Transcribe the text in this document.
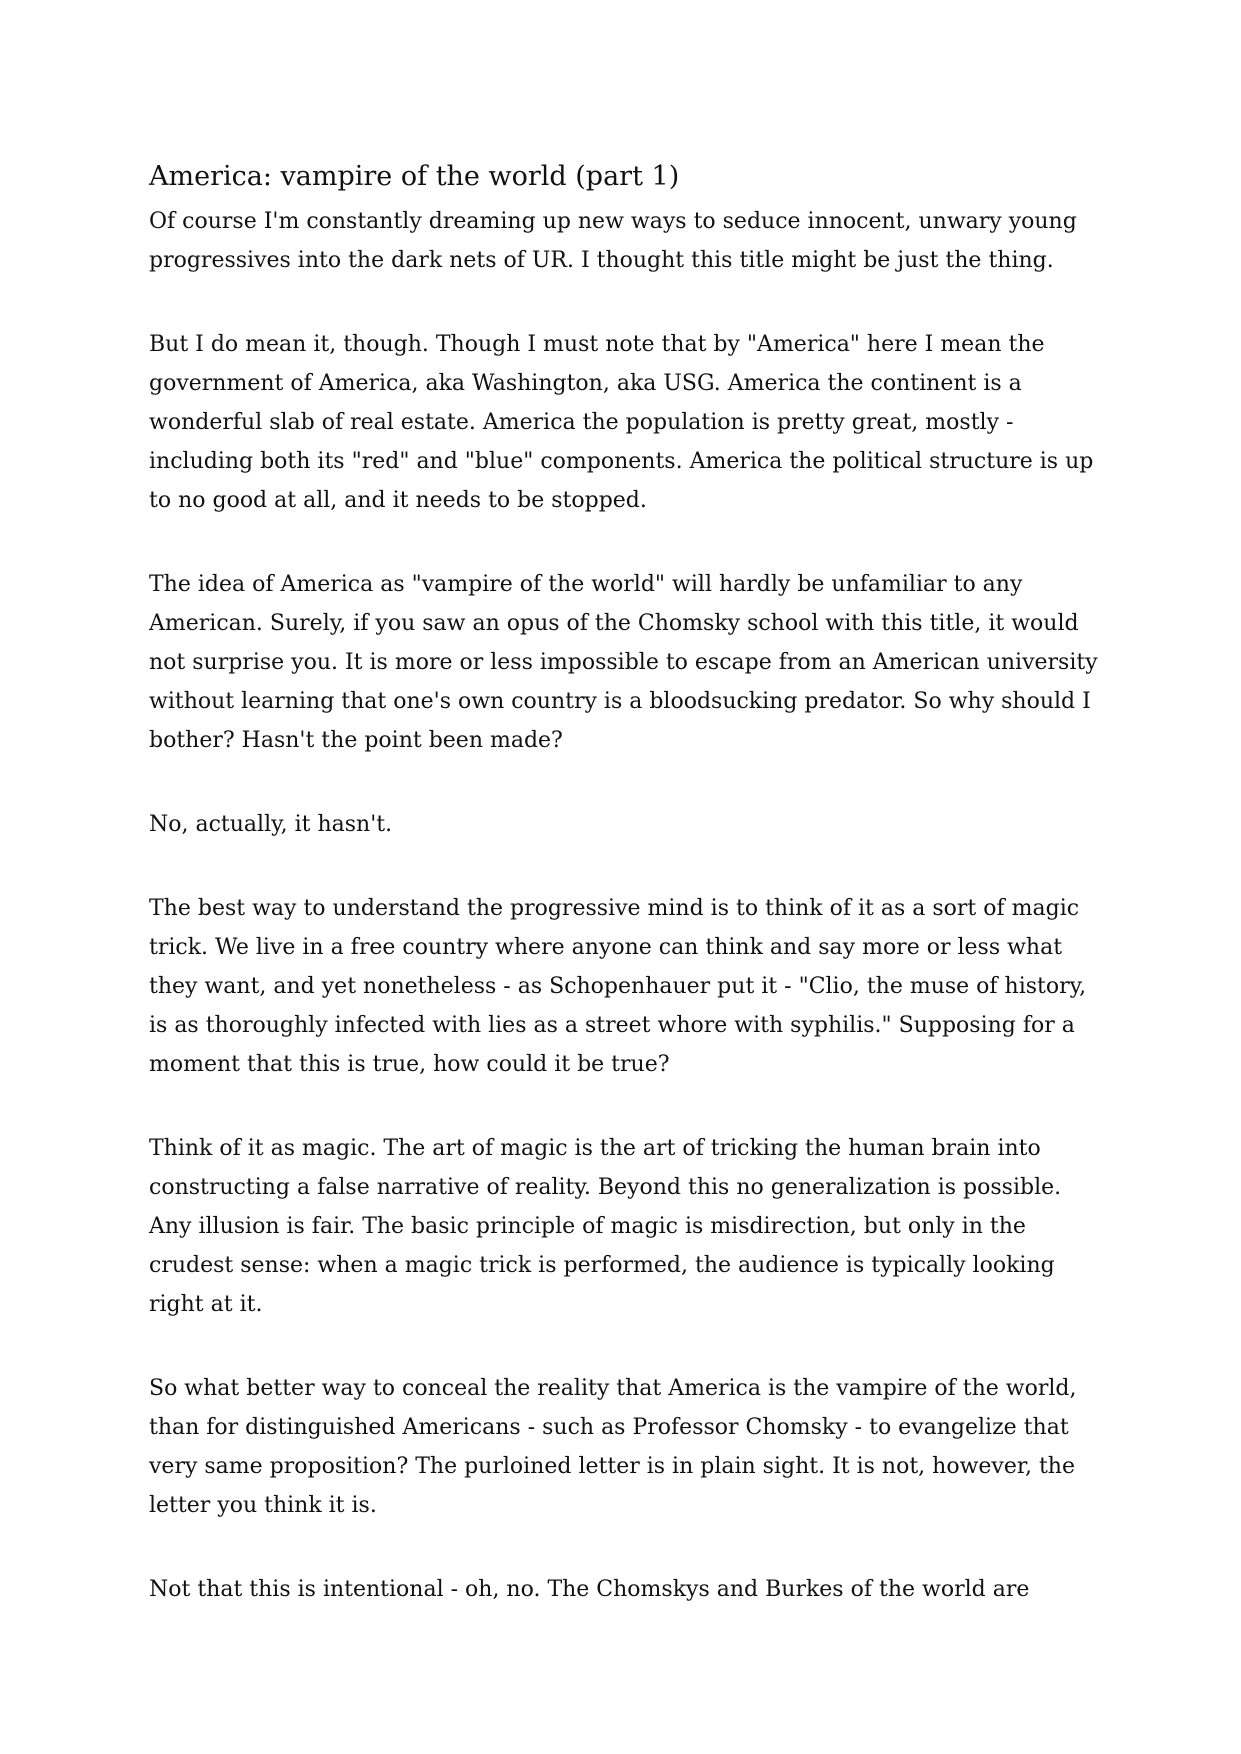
America: vampire of the world (part 1)

Of course I'm constantly dreaming up new ways to seduce innocent, unwary young
progressives into the dark nets of UR. I thought this title might be just the thing.

But I do mean it, though. Though I must note that by "America" here I mean the
government of America, aka Washington, aka USG. America the continent is a
wonderful slab of real estate. America the population is pretty great, mostly -
including both its "red" and "blue" components. America the political structure is up
to no good at all, and it needs to be stopped.

The idea of America as "vampire of the world" will hardly be unfamiliar to any
American. Surely, if you saw an opus of the Chomsky school with this title, it would
not surprise you. It is more or less impossible to escape from an American university
without learning that one's own country is a bloodsucking predator. So why should I
bother? Hasn't the point been made?

No, actually, it hasn't.

The best way to understand the progressive mind is to think of it as a sort of magic
trick. We live in a free country where anyone can think and say more or less what
they want, and yet nonetheless - as Schopenhauer put it - "Clio, the muse of history,
is as thoroughly infected with lies as a street whore with syphilis." Supposing for a
moment that this is true, how could it be true?

Think of it as magic. The art of magic is the art of tricking the human brain into
constructing a false narrative of reality. Beyond this no generalization is possible.
Any illusion is fair. The basic principle of magic is misdirection, but only in the
crudest sense: when a magic trick is performed, the audience is typically looking
right at it.

So what better way to conceal the reality that America is the vampire of the world,
than for distinguished Americans - such as Professor Chomsky - to evangelize that
very same proposition? The purloined letter is in plain sight. It is not, however, the
letter you think it is.

Not that this is intentional - oh, no. The Chomskys and Burkes of the world are
